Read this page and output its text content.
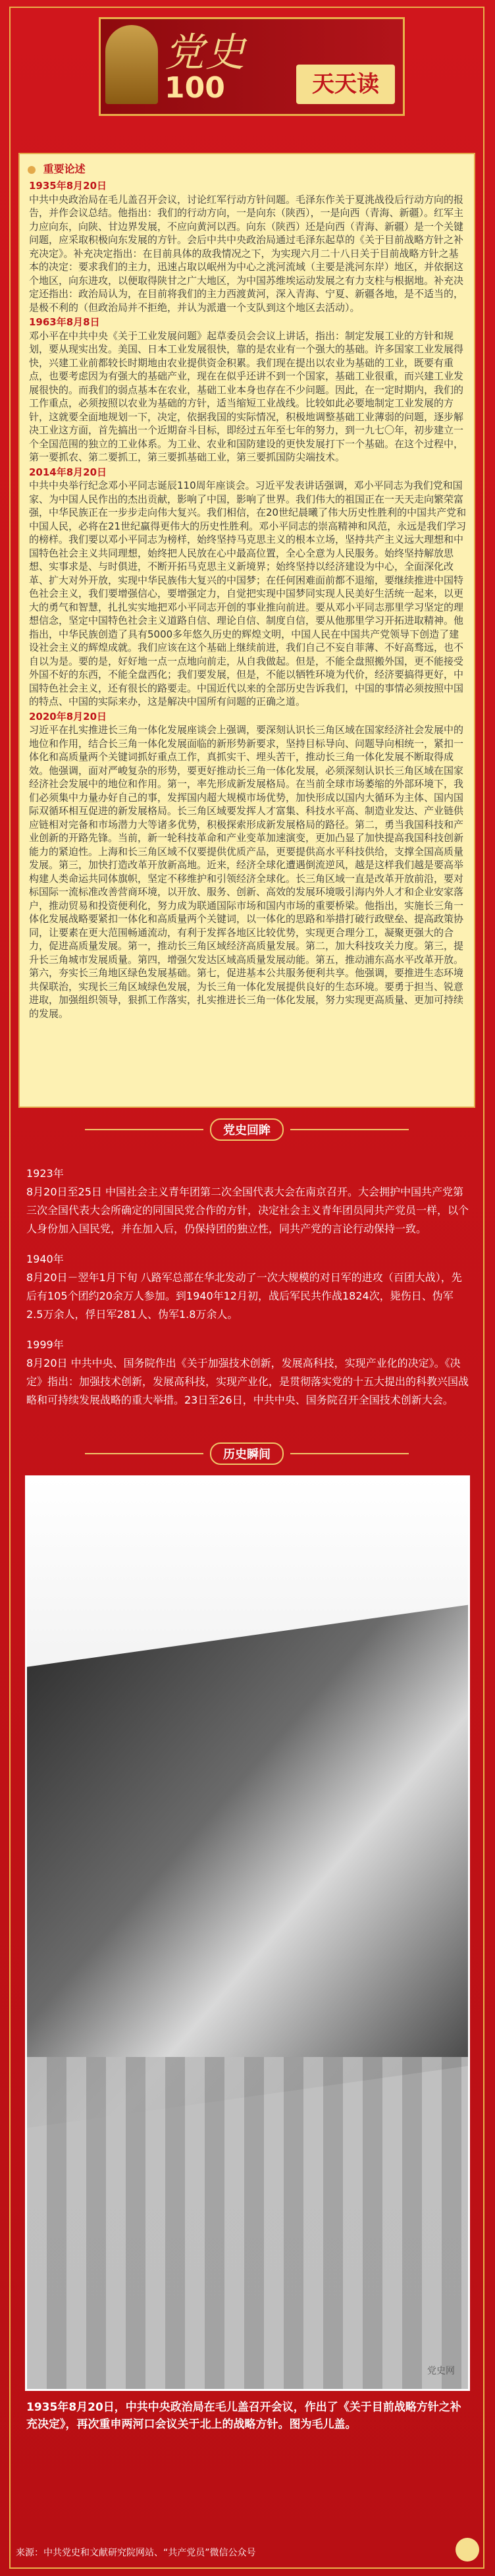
党史
100	天天读
重要论述
1935年8月20日
中共中央政治局在毛儿盖召开会议，讨论红军行动方针问题。毛泽东作关于夏洮战役后行动方向的报告，并作会议总结。他指出：我们的行动方向，一是向东（陕西），一是向西（青海、新疆）。红军主力应向东，向陕、甘边界发展，不应向黄河以西。向东（陕西）还是向西（青海、新疆）是一个关键问题，应采取积极向东发展的方针。会后中共中央政治局通过毛泽东起草的《关于目前战略方针之补充决定》。补充决定指出：在目前具体的敌我情况之下，为实现六月二十八日关于目前战略方针之基本的决定：要求我们的主力，迅速占取以岷州为中心之洮河流域（主要是洮河东岸）地区，并依据这个地区，向东进攻，以便取得陕甘之广大地区，为中国苏维埃运动发展之有力支柱与根据地。补充决定还指出：政治局认为，在目前将我们的主力西渡黄河，深入青海、宁夏、新疆各地，是不适当的，是极不利的（但政治局并不拒绝，并认为派遣一个支队到这个地区去活动）。
1963年8月8日
邓小平在中共中央《关于工业发展问题》起草委员会会议上讲话，指出：制定发展工业的方针和规划，要从现实出发。美国、日本工业发展很快，靠的是农业有一个强大的基础。许多国家工业发展得快，兴建工业前都较长时期地由农业提供资金积累。我们现在提出以农业为基础的工业，既要有重点，也要考虑因为有强大的基础产业，现在在似乎还讲不到一个国家，基础工业很重，而兴建工业发展很快的。而我们的弱点基本在农业，基础工业本身也存在不少问题。因此，在一定时期内，我们的工作重点，必须按照以农业为基础的方针，适当缩短工业战线。比较如此必要地制定工业发展的方针，这就要全面地规划一下，决定，依据我国的实际情况，积极地调整基础工业薄弱的问题，逐步解决工业这方面，首先搞出一个近期奋斗目标，即经过五年至七年的努力，到一九七〇年，初步建立一个全国范围的独立的工业体系。为工业、农业和国防建设的更快发展打下一个基础。在这个过程中，第一要抓农、第二要抓工，第三要抓基础工业，第三要抓国防尖端技术。
2014年8月20日
中共中央举行纪念邓小平同志诞辰110周年座谈会。习近平发表讲话强调，邓小平同志为我们党和国家、为中国人民作出的杰出贡献，影响了中国，影响了世界。我们伟大的祖国正在一天天走向繁荣富强，中华民族正在一步步走向伟大复兴。我们相信，在20世纪晨曦了伟大历史性胜利的中国共产党和中国人民，必将在21世纪赢得更伟大的历史性胜利。邓小平同志的崇高精神和风范，永远是我们学习的榜样。我们要以邓小平同志为榜样，始终坚持马克思主义的根本立场，坚持共产主义远大理想和中国特色社会主义共同理想，始终把人民放在心中最高位置，全心全意为人民服务。始终坚持解放思想、实事求是、与时俱进，不断开拓马克思主义新境界；始终坚持以经济建设为中心，全面深化改革、扩大对外开放，实现中华民族伟大复兴的中国梦；在任何困难面前都不退缩，要继续推进中国特色社会主义，我们要增强信心，要增强定力，自觉把实现中国梦同实现人民美好生活统一起来，以更大的勇气和智慧，扎扎实实地把邓小平同志开创的事业推向前进。要从邓小平同志那里学习坚定的理想信念，坚定中国特色社会主义道路自信、理论自信、制度自信，要从他那里学习开拓进取精神。他指出，中华民族创造了具有5000多年悠久历史的辉煌文明，中国人民在中国共产党领导下创造了建设社会主义的辉煌成就。我们应该在这个基础上继续前进，我们自己不妄自菲薄、不好高骛远，也不自以为是。要的是，好好地一点一点地向前走，从自我做起。但是，不能全盘照搬外国，更不能接受外国不好的东西，不能全盘西化；我们要发展，但是，不能以牺牲环境为代价，经济要搞得更好，中国特色社会主义，还有很长的路要走。中国近代以来的全部历史告诉我们，中国的事情必须按照中国的特点、中国的实际来办，这是解决中国所有问题的正确之道。
2020年8月20日
习近平在扎实推进长三角一体化发展座谈会上强调，要深刻认识长三角区域在国家经济社会发展中的地位和作用，结合长三角一体化发展面临的新形势新要求，坚持目标导向、问题导向相统一，紧扣一体化和高质量两个关键词抓好重点工作，真抓实干、埋头苦干，推动长三角一体化发展不断取得成效。他强调，面对严峻复杂的形势，要更好推动长三角一体化发展，必须深刻认识长三角区域在国家经济社会发展中的地位和作用。第一，率先形成新发展格局。在当前全球市场萎缩的外部环境下，我们必须集中力量办好自己的事，发挥国内超大规模市场优势，加快形成以国内大循环为主体、国内国际双循环相互促进的新发展格局。长三角区域要发挥人才富集、科技水平高、制造业发达、产业链供应链相对完备和市场潜力大等诸多优势，积极探索形成新发展格局的路径。第二，勇当我国科技和产业创新的开路先锋。当前，新一轮科技革命和产业变革加速演变，更加凸显了加快提高我国科技创新能力的紧迫性。上海和长三角区域不仅要提供优质产品，更要提供高水平科技供给，支撑全国高质量发展。第三，加快打造改革开放新高地。近来，经济全球化遭遇倒流逆风，越是这样我们越是要高举构建人类命运共同体旗帜，坚定不移维护和引领经济全球化。长三角区域一直是改革开放前沿，要对标国际一流标准改善营商环境，以开放、服务、创新、高效的发展环境吸引海内外人才和企业安家落户，推动贸易和投资便利化，努力成为联通国际市场和国内市场的重要桥梁。他指出，实施长三角一体化发展战略要紧扣一体化和高质量两个关键词，以一体化的思路和举措打破行政壁垒、提高政策协同，让要素在更大范围畅通流动，有利于发挥各地区比较优势，实现更合理分工，凝聚更强大的合力，促进高质量发展。第一，推动长三角区域经济高质量发展。第二，加大科技攻关力度。第三，提升长三角城市发展质量。第四，增强欠发达区域高质量发展动能。第五，推动浦东高水平改革开放。第六，夯实长三角地区绿色发展基础。第七，促进基本公共服务便利共享。他强调，要推进生态环境共保联治，实现长三角区域绿色发展，为长三角一体化发展提供良好的生态环境。要勇于担当、锐意进取，加强组织领导，狠抓工作落实，扎实推进长三角一体化发展，努力实现更高质量、更加可持续的发展。
党史回眸
1923年
8月20日至25日 中国社会主义青年团第二次全国代表大会在南京召开。大会拥护中国共产党第三次全国代表大会所确定的同国民党合作的方针，决定社会主义青年团员同共产党员一样，以个人身份加入国民党，并在加入后，仍保持团的独立性，同共产党的言论行动保持一致。
1940年
8月20日－翌年1月下旬 八路军总部在华北发动了一次大规模的对日军的进攻（百团大战），先后有105个团约20余万人参加。到1940年12月初，战后军民共作战1824次，毙伤日、伪军2.5万余人，俘日军281人、伪军1.8万余人。
1999年
8月20日 中共中央、国务院作出《关于加强技术创新，发展高科技，实现产业化的决定》。《决定》指出：加强技术创新，发展高科技，实现产业化，是贯彻落实党的十五大提出的科教兴国战略和可持续发展战略的重大举措。23日至26日，中共中央、国务院召开全国技术创新大会。
历史瞬间
党史网
1935年8月20日，中共中央政治局在毛儿盖召开会议，作出了《关于目前战略方针之补充决定》，再次重申两河口会议关于北上的战略方针。图为毛儿盖。
来源：中共党史和文献研究院网站、“共产党员”微信公众号
